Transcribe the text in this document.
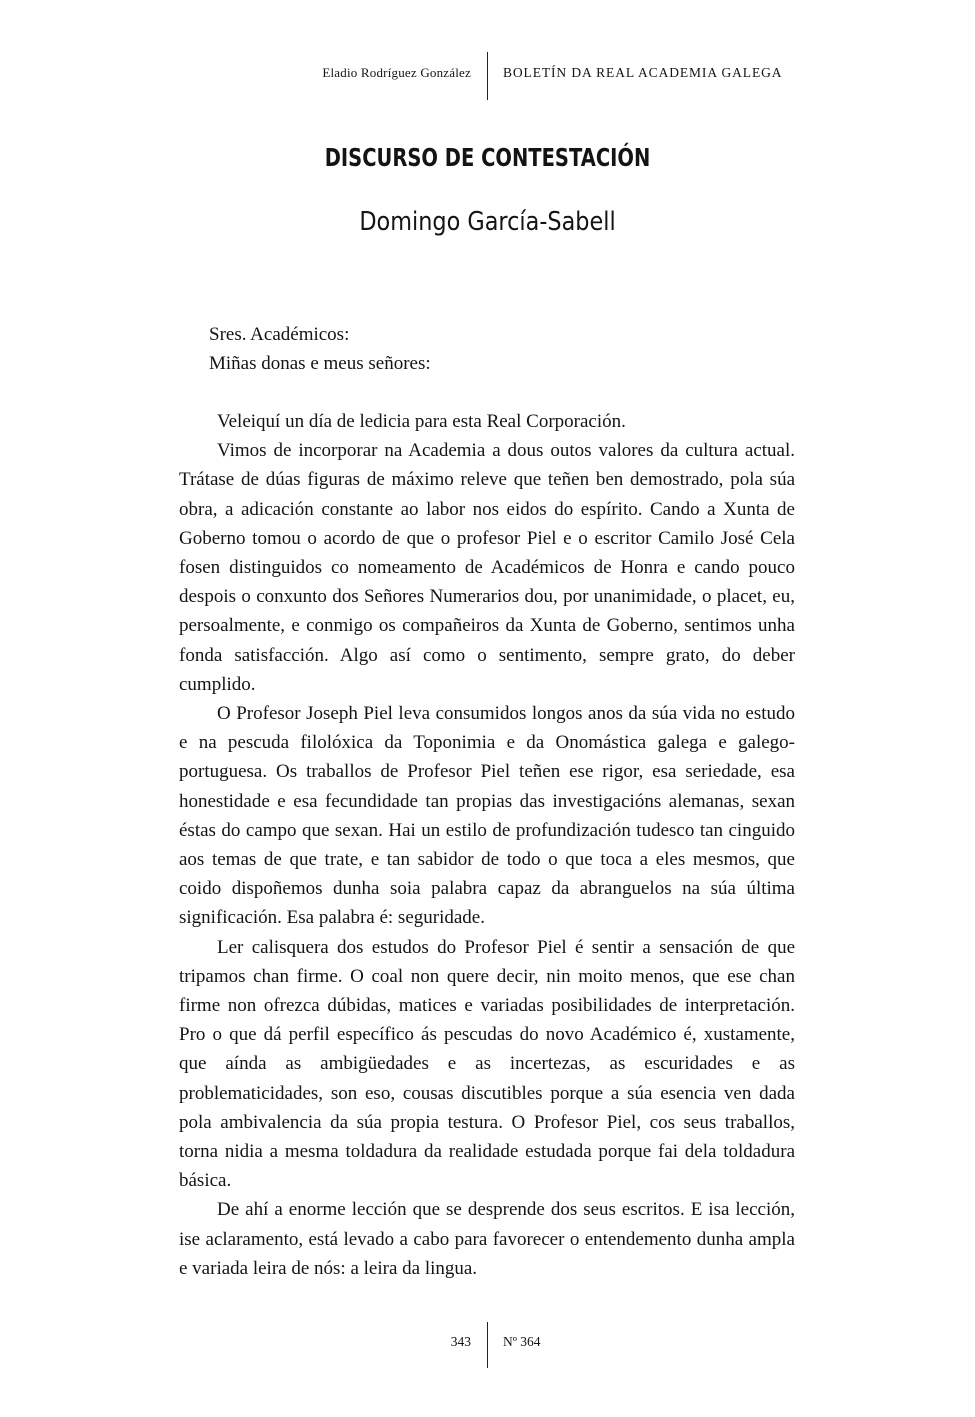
Eladio Rodríguez González BOLETÍN DA REAL ACADEMIA GALEGA
DISCURSO DE CONTESTACIÓN
Domingo García-Sabell
Sres. Académicos:
Miñas donas e meus señores:

Veleiquí un día de ledicia para esta Real Corporación.

Vimos de incorporar na Academia a dous outos valores da cultura actual. Trátase de dúas figuras de máximo releve que teñen ben demostrado, pola súa obra, a adicación constante ao labor nos eidos do espírito. Cando a Xunta de Goberno tomou o acordo de que o profesor Piel e o escritor Camilo José Cela fosen distinguidos co nomeamento de Académicos de Honra e cando pouco despois o conxunto dos Señores Numerarios dou, por unanimidade, o placet, eu, persoalmente, e conmigo os compañeiros da Xunta de Goberno, sentimos unha fonda satisfacción. Algo así como o sentimento, sempre grato, do deber cumplido.

O Profesor Joseph Piel leva consumidos longos anos da súa vida no estudo e na pescuda filolóxica da Toponimia e da Onomástica galega e galego-portuguesa. Os traballos de Profesor Piel teñen ese rigor, esa seriedade, esa honestidade e esa fecundidade tan propias das investigacións alemanas, sexan éstas do campo que sexan. Hai un estilo de profundización tudesco tan cinguido aos temas de que trate, e tan sabidor de todo o que toca a eles mesmos, que coido dispoñemos dunha soia palabra capaz da abranguelos na súa última significación. Esa palabra é: seguridade.

Ler calisquera dos estudos do Profesor Piel é sentir a sensación de que tripamos chan firme. O coal non quere decir, nin moito menos, que ese chan firme non ofrezca dúbidas, matices e variadas posibilidades de interpretación. Pro o que dá perfil específico ás pescudas do novo Académico é, xustamente, que aínda as ambigüedades e as incertezas, as escuridades e as problematicidades, son eso, cousas discutibles porque a súa esencia ven dada pola ambivalencia da súa propia testura. O Profesor Piel, cos seus traballos, torna nidia a mesma toldadura da realidade estudada porque fai dela toldadura básica.

De ahí a enorme lección que se desprende dos seus escritos. E isa lección, ise aclaramento, está levado a cabo para favorecer o entendemento dunha ampla e variada leira de nós: a leira da lingua.

343 Nº 364
